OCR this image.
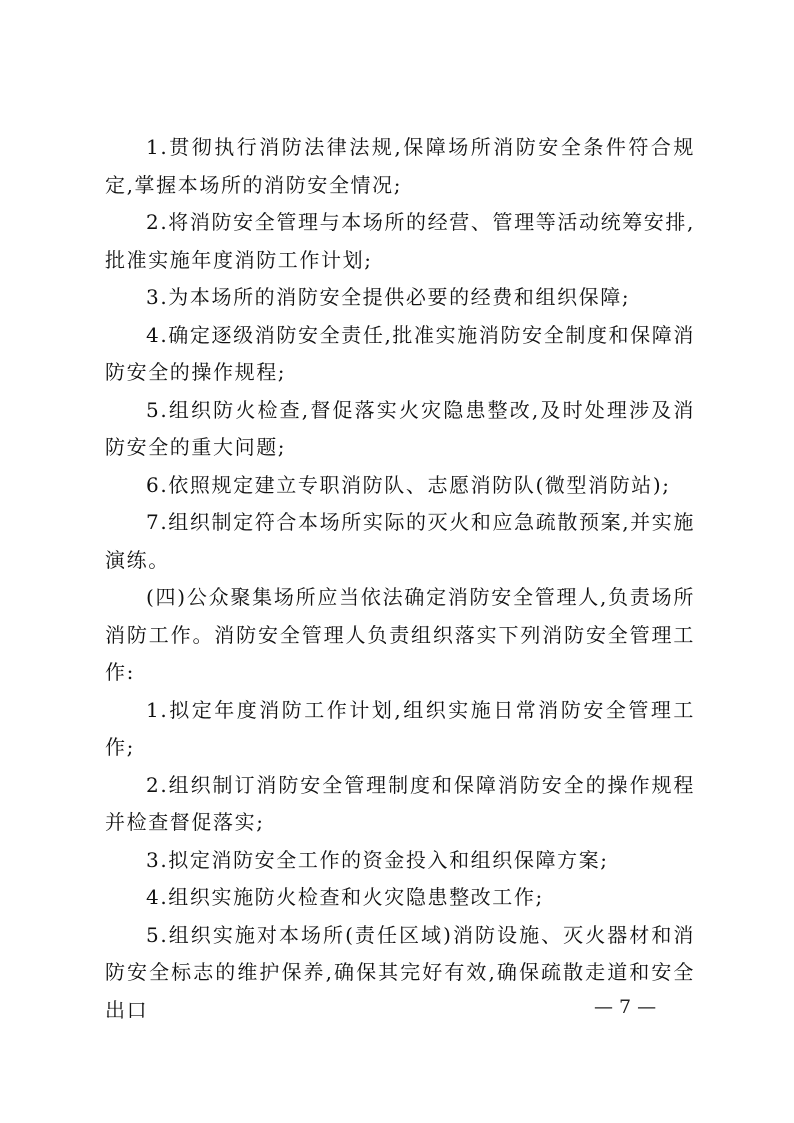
1.贯彻执行消防法律法规,保障场所消防安全条件符合规定,掌握本场所的消防安全情况;

2.将消防安全管理与本场所的经营、管理等活动统筹安排,批准实施年度消防工作计划;

3.为本场所的消防安全提供必要的经费和组织保障;

4.确定逐级消防安全责任,批准实施消防安全制度和保障消防安全的操作规程;

5.组织防火检查,督促落实火灾隐患整改,及时处理涉及消防安全的重大问题;

6.依照规定建立专职消防队、志愿消防队(微型消防站);

7.组织制定符合本场所实际的灭火和应急疏散预案,并实施演练。

(四)公众聚集场所应当依法确定消防安全管理人,负责场所消防工作。消防安全管理人负责组织落实下列消防安全管理工作:

1.拟定年度消防工作计划,组织实施日常消防安全管理工作;

2.组织制订消防安全管理制度和保障消防安全的操作规程并检查督促落实;

3.拟定消防安全工作的资金投入和组织保障方案;

4.组织实施防火检查和火灾隐患整改工作;

5.组织实施对本场所(责任区域)消防设施、灭火器材和消防安全标志的维护保养,确保其完好有效,确保疏散走道和安全出口	— 7 —
